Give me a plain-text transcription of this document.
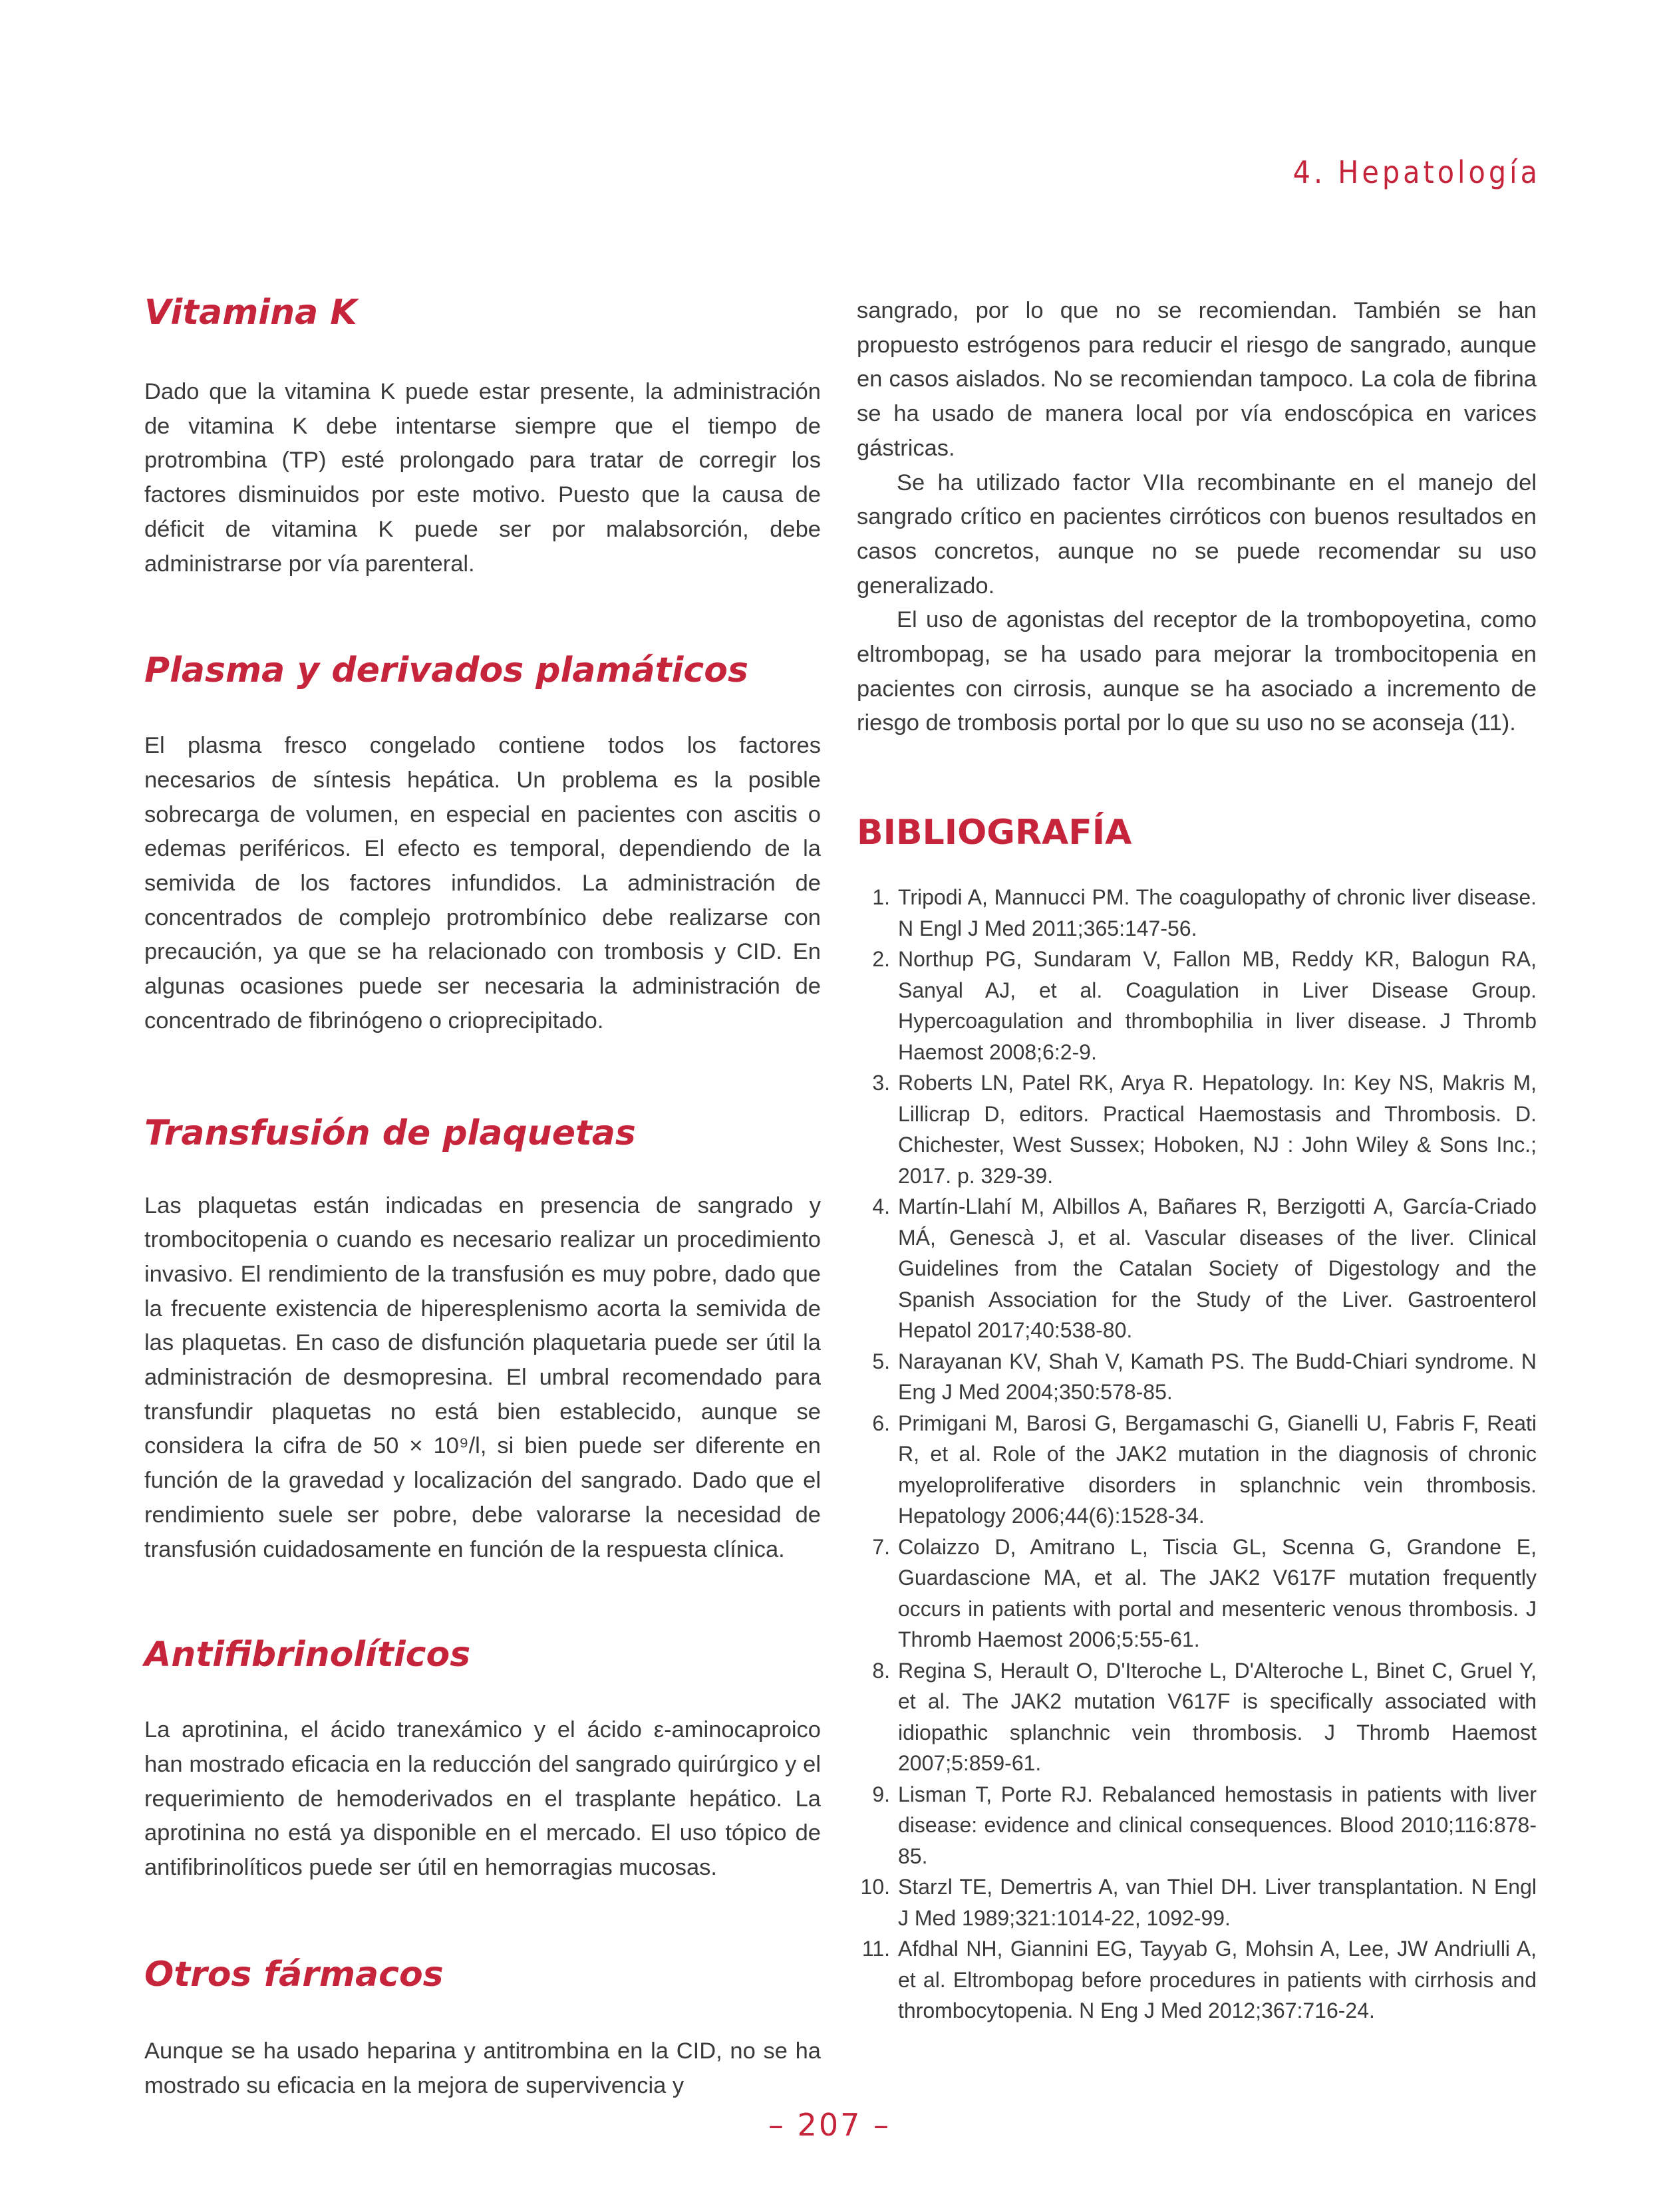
4. Hepatología
Vitamina K

Dado que la vitamina K puede estar presente, la administración de vitamina K debe intentarse siempre que el tiempo de protrombina (TP) esté prolongado para tratar de corregir los factores disminuidos por este motivo. Puesto que la causa de déficit de vitamina K puede ser por malabsorción, debe administrarse por vía parenteral.

Plasma y derivados plamáticos

El plasma fresco congelado contiene todos los factores necesarios de síntesis hepática. Un problema es la posible sobrecarga de volumen, en especial en pacientes con ascitis o edemas periféricos. El efecto es temporal, dependiendo de la semivida de los factores infundidos. La administración de concentrados de complejo protrombínico debe realizarse con precaución, ya que se ha relacionado con trombosis y CID. En algunas ocasiones puede ser necesaria la administración de concentrado de fibrinógeno o crioprecipitado.

Transfusión de plaquetas

Las plaquetas están indicadas en presencia de sangrado y trombocitopenia o cuando es necesario realizar un procedimiento invasivo. El rendimiento de la transfusión es muy pobre, dado que la frecuente existencia de hiperesplenismo acorta la semivida de las plaquetas. En caso de disfunción plaquetaria puede ser útil la administración de desmopresina. El umbral recomendado para transfundir plaquetas no está bien establecido, aunque se considera la cifra de 50 × 10⁹/l, si bien puede ser diferente en función de la gravedad y localización del sangrado. Dado que el rendimiento suele ser pobre, debe valorarse la necesidad de transfusión cuidadosamente en función de la respuesta clínica.

Antifibrinolíticos

La aprotinina, el ácido tranexámico y el ácido ε-aminocaproico han mostrado eficacia en la reducción del sangrado quirúrgico y el requerimiento de hemoderivados en el trasplante hepático. La aprotinina no está ya disponible en el mercado. El uso tópico de antifibrinolíticos puede ser útil en hemorragias mucosas.

Otros fármacos

Aunque se ha usado heparina y antitrombina en la CID, no se ha mostrado su eficacia en la mejora de supervivencia y

sangrado, por lo que no se recomiendan. También se han propuesto estrógenos para reducir el riesgo de sangrado, aunque en casos aislados. No se recomiendan tampoco. La cola de fibrina se ha usado de manera local por vía endoscópica en varices gástricas.

Se ha utilizado factor VIIa recombinante en el manejo del sangrado crítico en pacientes cirróticos con buenos resultados en casos concretos, aunque no se puede recomendar su uso generalizado.

El uso de agonistas del receptor de la trombopoyetina, como eltrombopag, se ha usado para mejorar la trombocitopenia en pacientes con cirrosis, aunque se ha asociado a incremento de riesgo de trombosis portal por lo que su uso no se aconseja (11).

BIBLIOGRAFÍA
1. Tripodi A, Mannucci PM. The coagulopathy of chronic liver disease. N Engl J Med 2011;365:147-56.
2. Northup PG, Sundaram V, Fallon MB, Reddy KR, Balogun RA, Sanyal AJ, et al. Coagulation in Liver Disease Group. Hypercoagulation and thrombophilia in liver disease. J Thromb Haemost 2008;6:2-9.
3. Roberts LN, Patel RK, Arya R. Hepatology. In: Key NS, Makris M, Lillicrap D, editors. Practical Haemostasis and Thrombosis. D. Chichester, West Sussex; Hoboken, NJ : John Wiley & Sons Inc.; 2017. p. 329-39.
4. Martín-Llahí M, Albillos A, Bañares R, Berzigotti A, García-Criado MÁ, Genescà J, et al. Vascular diseases of the liver. Clinical Guidelines from the Catalan Society of Digestology and the Spanish Association for the Study of the Liver. Gastroenterol Hepatol 2017;40:538-80.
5. Narayanan KV, Shah V, Kamath PS. The Budd-Chiari syndrome. N Eng J Med 2004;350:578-85.
6. Primigani M, Barosi G, Bergamaschi G, Gianelli U, Fabris F, Reati R, et al. Role of the JAK2 mutation in the diagnosis of chronic myeloproliferative disorders in splanchnic vein thrombosis. Hepatology 2006;44(6):1528-34.
7. Colaizzo D, Amitrano L, Tiscia GL, Scenna G, Grandone E, Guardascione MA, et al. The JAK2 V617F mutation frequently occurs in patients with portal and mesenteric venous thrombosis. J Thromb Haemost 2006;5:55-61.
8. Regina S, Herault O, D'Iteroche L, D'Alteroche L, Binet C, Gruel Y, et al. The JAK2 mutation V617F is specifically associated with idiopathic splanchnic vein thrombosis. J Thromb Haemost 2007;5:859-61.
9. Lisman T, Porte RJ. Rebalanced hemostasis in patients with liver disease: evidence and clinical consequences. Blood 2010;116:878-85.
10. Starzl TE, Demertris A, van Thiel DH. Liver transplantation. N Engl J Med 1989;321:1014-22, 1092-99.
11. Afdhal NH, Giannini EG, Tayyab G, Mohsin A, Lee, JW Andriulli A, et al. Eltrombopag before procedures in patients with cirrhosis and thrombocytopenia. N Eng J Med 2012;367:716-24.
– 207 –
